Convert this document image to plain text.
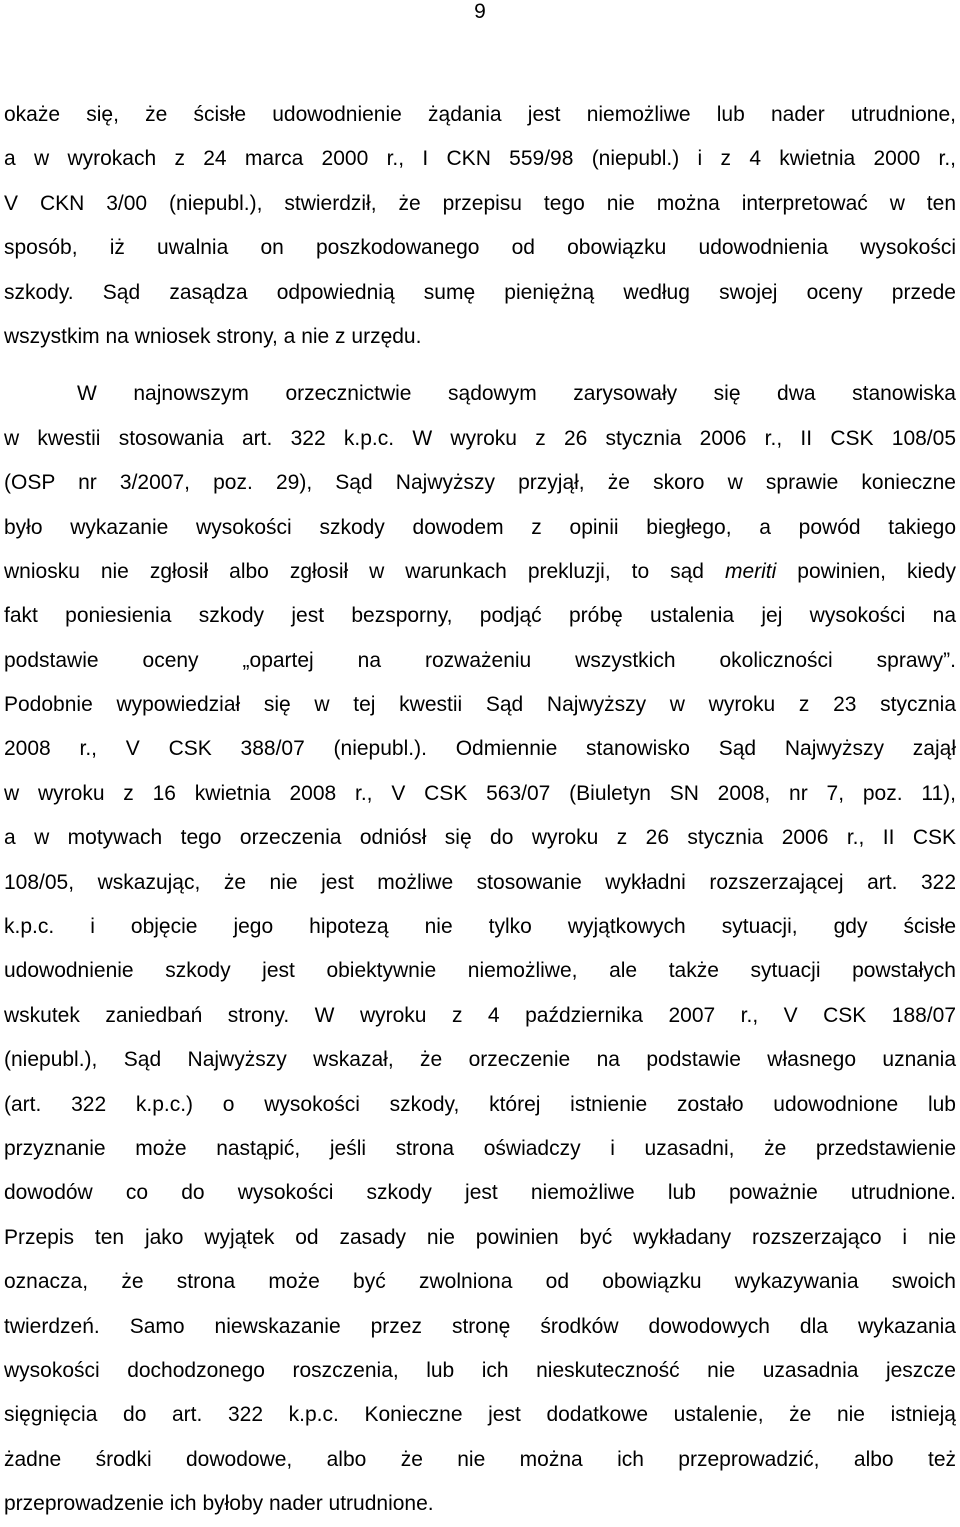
9
okaże się, że ścisłe udowodnienie żądania jest niemożliwe lub nader utrudnione,
a w wyrokach z 24 marca 2000 r., I CKN 559/98 (niepubl.) i z 4 kwietnia 2000 r.,
V CKN 3/00 (niepubl.), stwierdził, że przepisu tego nie można interpretować w ten
sposób, iż uwalnia on poszkodowanego od obowiązku udowodnienia wysokości
szkody. Sąd zasądza odpowiednią sumę pieniężną według swojej oceny przede
wszystkim na wniosek strony, a nie z urzędu.
W najnowszym orzecznictwie sądowym zarysowały się dwa stanowiska
w kwestii stosowania art. 322 k.p.c. W wyroku z 26 stycznia 2006 r., II CSK 108/05
(OSP nr 3/2007, poz. 29), Sąd Najwyższy przyjął, że skoro w sprawie konieczne
było wykazanie wysokości szkody dowodem z opinii biegłego, a powód takiego
wniosku nie zgłosił albo zgłosił w warunkach prekluzji, to sąd meriti powinien, kiedy
fakt poniesienia szkody jest bezsporny, podjąć próbę ustalenia jej wysokości na
podstawie oceny „opartej na rozważeniu wszystkich okoliczności sprawy”.
Podobnie wypowiedział się w tej kwestii Sąd Najwyższy w wyroku z 23 stycznia
2008 r., V CSK 388/07 (niepubl.). Odmiennie stanowisko Sąd Najwyższy zajął
w wyroku z 16 kwietnia 2008 r., V CSK 563/07 (Biuletyn SN 2008, nr 7, poz. 11),
a w motywach tego orzeczenia odniósł się do wyroku z 26 stycznia 2006 r., II CSK
108/05, wskazując, że nie jest możliwe stosowanie wykładni rozszerzającej art. 322
k.p.c. i objęcie jego hipotezą nie tylko wyjątkowych sytuacji, gdy ścisłe
udowodnienie szkody jest obiektywnie niemożliwe, ale także sytuacji powstałych
wskutek zaniedbań strony. W wyroku z 4 października 2007 r., V CSK 188/07
(niepubl.), Sąd Najwyższy wskazał, że orzeczenie na podstawie własnego uznania
(art. 322 k.p.c.) o wysokości szkody, której istnienie zostało udowodnione lub
przyznanie może nastąpić, jeśli strona oświadczy i uzasadni, że przedstawienie
dowodów co do wysokości szkody jest niemożliwe lub poważnie utrudnione.
Przepis ten jako wyjątek od zasady nie powinien być wykładany rozszerzająco i nie
oznacza, że strona może być zwolniona od obowiązku wykazywania swoich
twierdzeń. Samo niewskazanie przez stronę środków dowodowych dla wykazania
wysokości dochodzonego roszczenia, lub ich nieskuteczność nie uzasadnia jeszcze
sięgnięcia do art. 322 k.p.c. Konieczne jest dodatkowe ustalenie, że nie istnieją
żadne środki dowodowe, albo że nie można ich przeprowadzić, albo też
przeprowadzenie ich byłoby nader utrudnione.
